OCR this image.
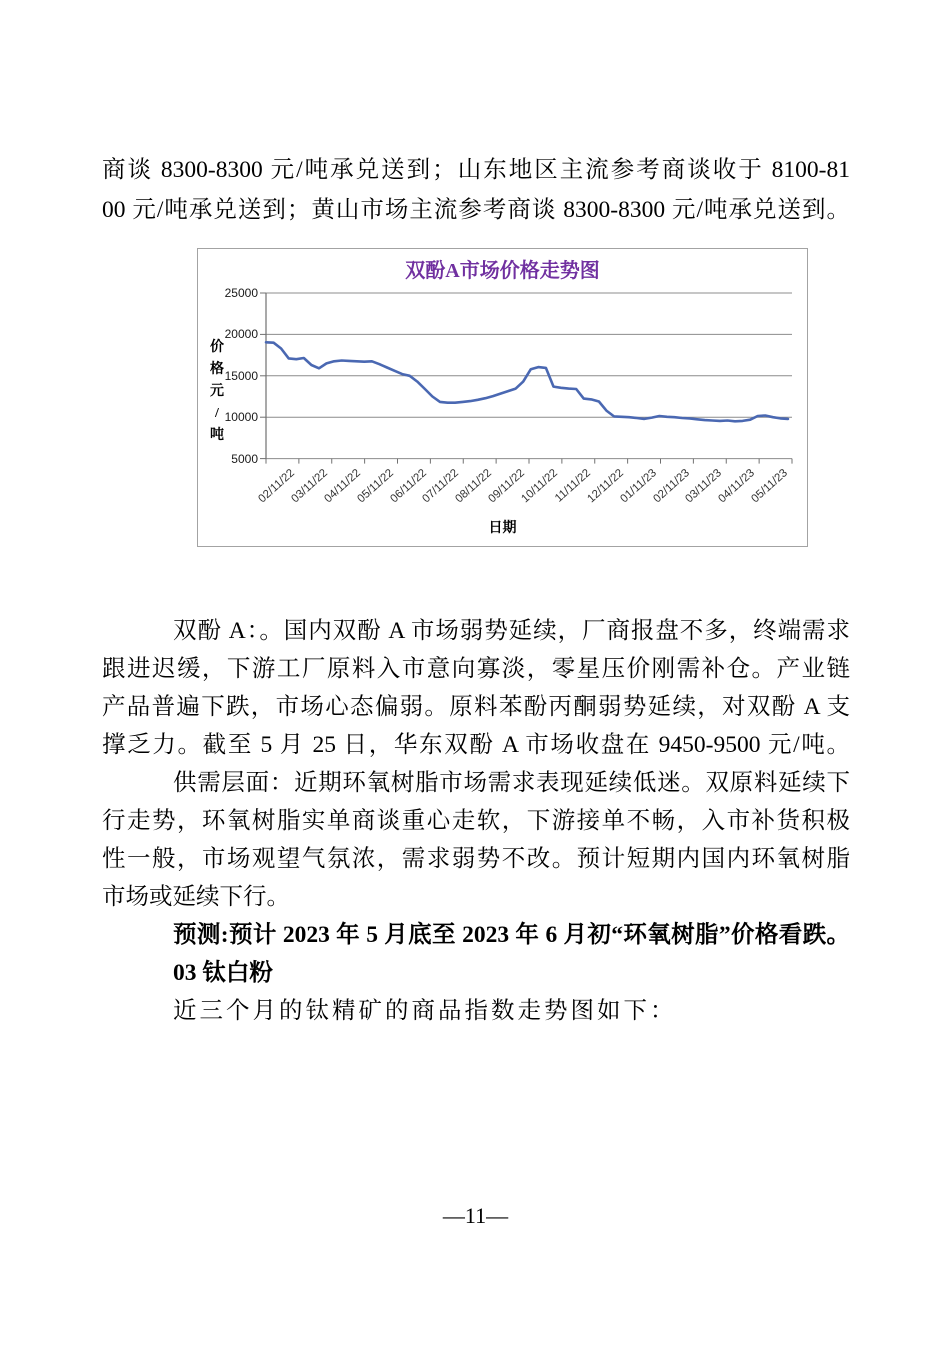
商谈 8300-8300 元/吨承兑送到；山东地区主流参考商谈收于 8100-81
00 元/吨承兑送到；黄山市场主流参考商谈 8300-8300 元/吨承兑送到。
双酚A市场价格走势图
价
格
元
/
吨
25000
20000
15000
10000
5000
02/11/22
03/11/22
04/11/22
05/11/22
06/11/22
07/11/22
08/11/22
09/11/22
10/11/22
11/11/22
12/11/22
01/11/23
02/11/23
03/11/23
04/11/23
05/11/23
日期
双酚 A：。国内双酚 A 市场弱势延续，厂商报盘不多，终端需求
跟进迟缓，下游工厂原料入市意向寡淡，零星压价刚需补仓。产业链
产品普遍下跌，市场心态偏弱。原料苯酚丙酮弱势延续，对双酚 A 支
撑乏力。截至 5 月 25 日，华东双酚 A 市场收盘在 9450-9500 元/吨。
供需层面：近期环氧树脂市场需求表现延续低迷。双原料延续下
行走势，环氧树脂实单商谈重心走软，下游接单不畅，入市补货积极
性一般，市场观望气氛浓，需求弱势不改。预计短期内国内环氧树脂
市场或延续下行。
预测:预计 2023 年 5 月底至 2023 年 6 月初“环氧树脂”价格看跌。
03 钛白粉
近三个月的钛精矿的商品指数走势图如下：
—11—
